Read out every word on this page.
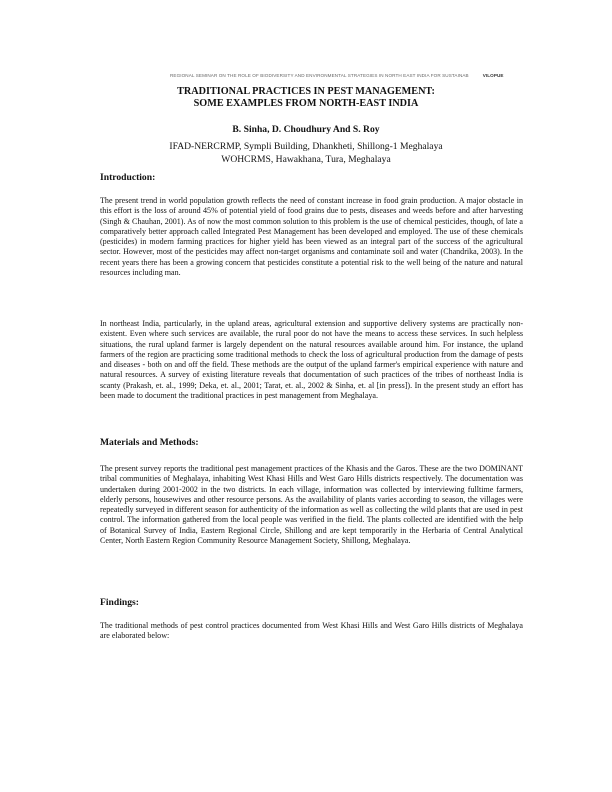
REGIONAL SEMINAR ON THE ROLE OF BIODIVERSITY AND ENVIRONMENTAL STRATEGIES IN NORTH EAST INDIA FOR SUSTAINAB	VILOPUE
TRADITIONAL PRACTICES IN PEST MANAGEMENT:
SOME EXAMPLES FROM NORTH-EAST INDIA
B. Sinha, D. Choudhury And S. Roy
IFAD-NERCRMP, Sympli Building, Dhankheti, Shillong-1 Meghalaya
WOHCRMS, Hawakhana, Tura, Meghalaya
Introduction:

The present trend in world population growth reflects the need of constant increase in food grain production. A major obstacle in this effort is the loss of around 45% of potential yield of food grains due to pests, diseases and weeds before and after harvesting (Singh & Chauhan, 2001). As of now the most common solution to this problem is the use of chemical pesticides, though, of late a comparatively better approach called Integrated Pest Management has been developed and employed. The use of these chemicals (pesticides) in modern farming practices for higher yield has been viewed as an integral part of the success of the agricultural sector. However, most of the pesticides may affect non-target organisms and contaminate soil and water (Chandrika, 2003). In the recent years there has been a growing concern that pesticides constitute a potential risk to the well being of the nature and natural resources including man.

In northeast India, particularly, in the upland areas, agricultural extension and supportive delivery systems are practically non-existent. Even where such services are available, the rural poor do not have the means to access these services. In such helpless situations, the rural upland farmer is largely dependent on the natural resources available around him. For instance, the upland farmers of the region are practicing some traditional methods to check the loss of agricultural production from the damage of pests and diseases - both on and off the field. These methods are the output of the upland farmer's empirical experience with nature and natural resources. A survey of existing literature reveals that documentation of such practices of the tribes of northeast India is scanty (Prakash, et. al., 1999; Deka, et. al., 2001; Tarat, et. al., 2002 & Sinha, et. al [in press]). In the present study an effort has been made to document the traditional practices in pest management from Meghalaya.

Materials and Methods:

The present survey reports the traditional pest management practices of the Khasis and the Garos. These are the two DOMINANT tribal communities of Meghalaya, inhabiting West Khasi Hills and West Garo Hills districts respectively. The documentation was undertaken during 2001-2002 in the two districts. In each village, information was collected by interviewing fulltime farmers, elderly persons, housewives and other resource persons. As the availability of plants varies according to season, the villages were repeatedly surveyed in different season for authenticity of the information as well as collecting the wild plants that are used in pest control. The information gathered from the local people was verified in the field. The plants collected are identified with the help of Botanical Survey of India, Eastern Regional Circle, Shillong and are kept temporarily in the Herbaria of Central Analytical Center, North Eastern Region Community Resource Management Society, Shillong, Meghalaya.

Findings:

The traditional methods of pest control practices documented from West Khasi Hills and West Garo Hills districts of Meghalaya are elaborated below:
